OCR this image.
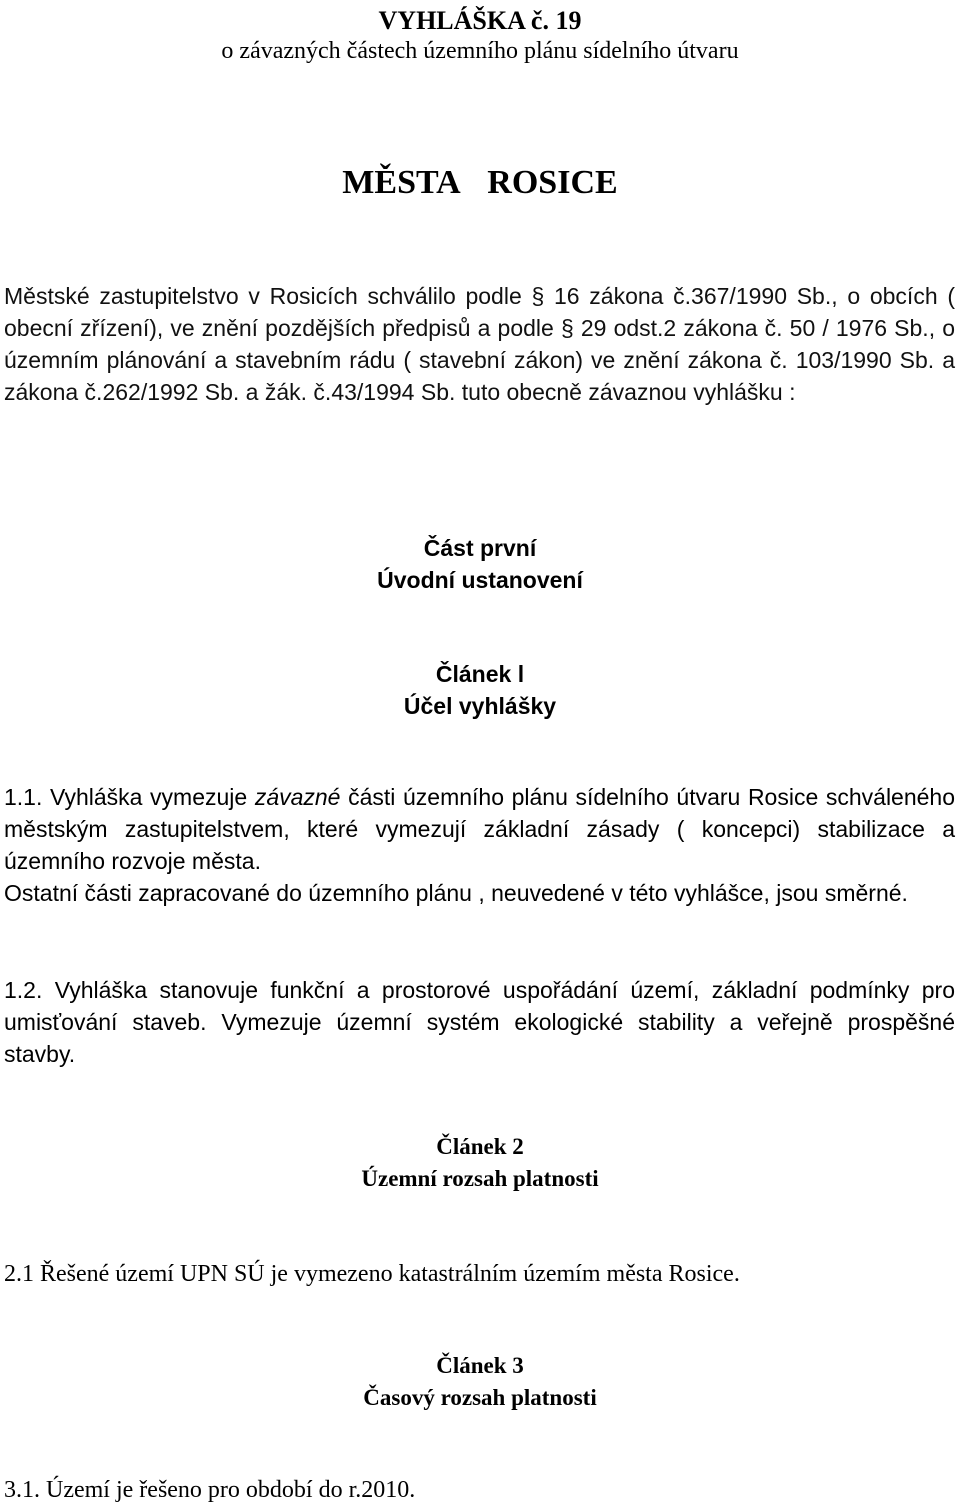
VYHLÁŠKA č. 19
o závazných částech územního plánu sídelního útvaru
MĚSTA ROSICE

Městské zastupitelstvo v Rosicích schválilo podle § 16 zákona č.367/1990 Sb., o obcích ( obecní zřízení), ve znění pozdějších předpisů a podle § 29 odst.2 zákona č. 50 / 1976 Sb., o územním plánování a stavebním rádu ( stavební zákon) ve znění zákona č. 103/1990 Sb. a zákona č.262/1992 Sb. a žák. č.43/1994 Sb. tuto obecně závaznou vyhlášku :

Část první
Úvodní ustanovení
Článek l
Účel vyhlášky

1.1. Vyhláška vymezuje závazné části územního plánu sídelního útvaru Rosice schváleného městským zastupitelstvem, které vymezují základní zásady ( koncepci) stabilizace a územního rozvoje města.

Ostatní části zapracované do územního plánu , neuvedené v této vyhlášce, jsou směrné.

1.2. Vyhláška stanovuje funkční a prostorové uspořádání území, základní podmínky pro umisťování staveb. Vymezuje územní systém ekologické stability a veřejně prospěšné stavby.

Článek 2
Územní rozsah platnosti

2.1 Řešené území UPN SÚ je vymezeno katastrálním územím města Rosice.

Článek 3
Časový rozsah platnosti

3.1. Území je řešeno pro období do r.2010.
